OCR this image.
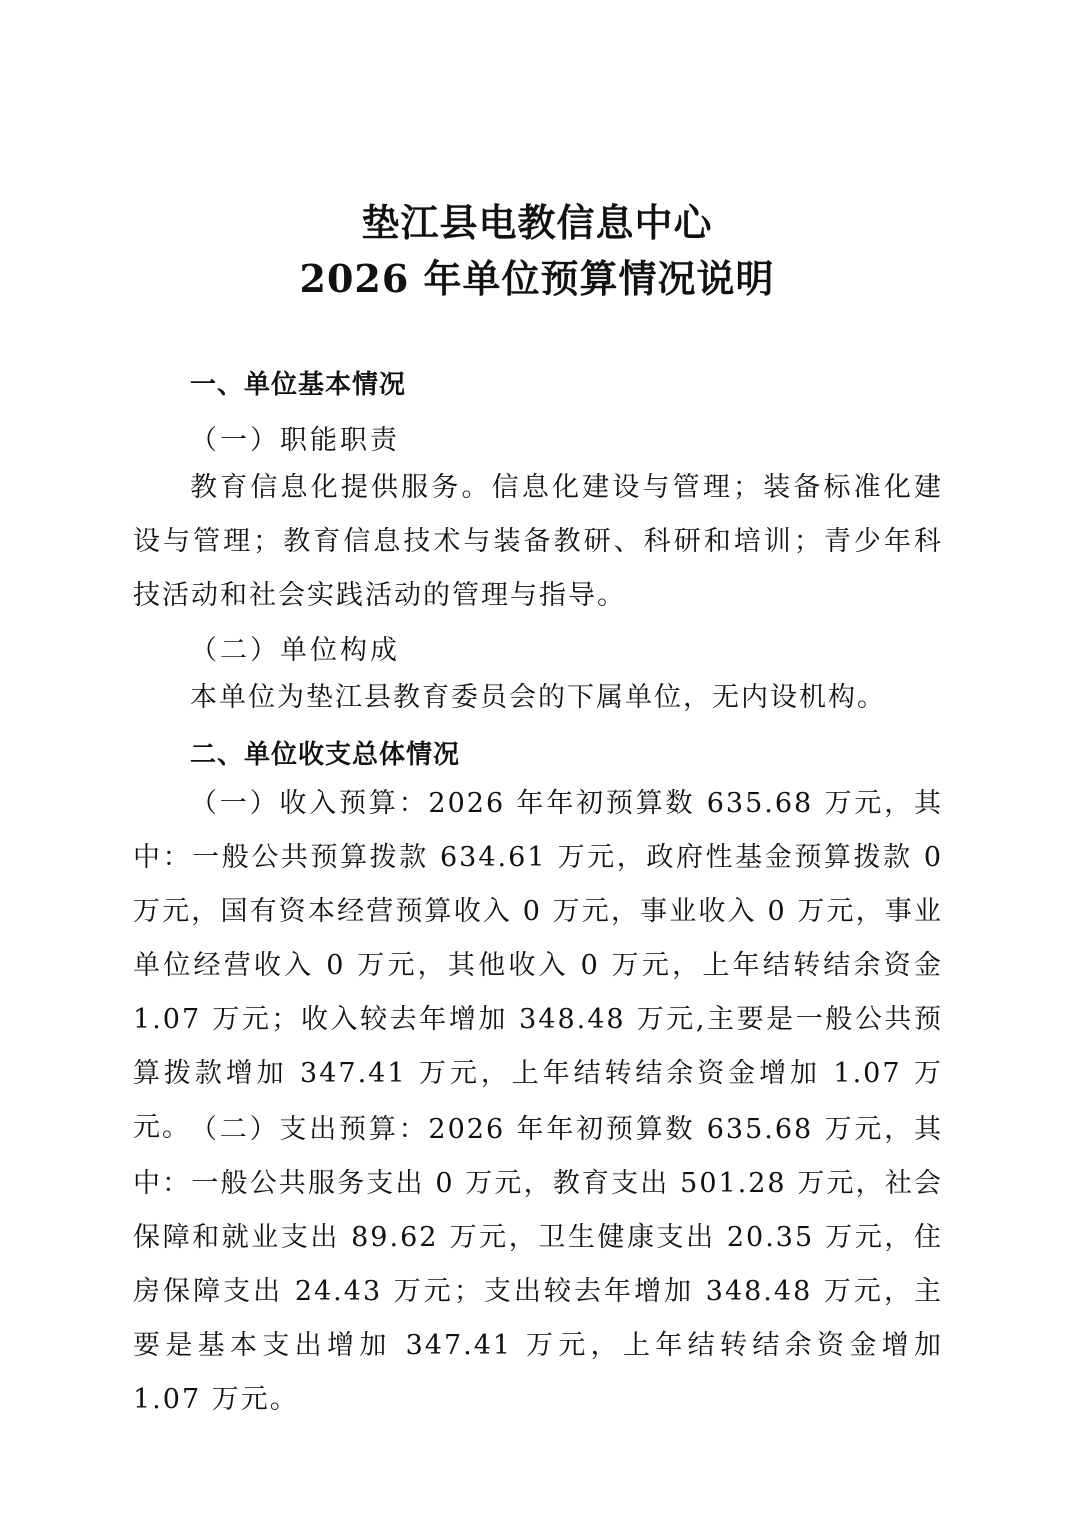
垫江县电教信息中心
2026 年单位预算情况说明
一、单位基本情况
（一）职能职责

教育信息化提供服务。信息化建设与管理；装备标准化建设与管理；教育信息技术与装备教研、科研和培训；青少年科技活动和社会实践活动的管理与指导。

（二）单位构成

本单位为垫江县教育委员会的下属单位，无内设机构。

二、单位收支总体情况

（一）收入预算：2026 年年初预算数 635.68 万元，其中：一般公共预算拨款 634.61 万元，政府性基金预算拨款 0 万元，国有资本经营预算收入 0 万元，事业收入 0 万元，事业单位经营收入 0 万元，其他收入 0 万元，上年结转结余资金 1.07 万元；收入较去年增加 348.48 万元,主要是一般公共预算拨款增加 347.41 万元，上年结转结余资金增加 1.07 万元。 （二）支出预算：2026 年年初预算数 635.68 万元，其中：一般公共服务支出 0 万元，教育支出 501.28 万元，社会保障和就业支出 89.62 万元，卫生健康支出 20.35 万元，住房保障支出 24.43 万元；支出较去年增加 348.48 万元，主要是基本支出增加 347.41 万元，上年结转结余资金增加 1.07 万元。
